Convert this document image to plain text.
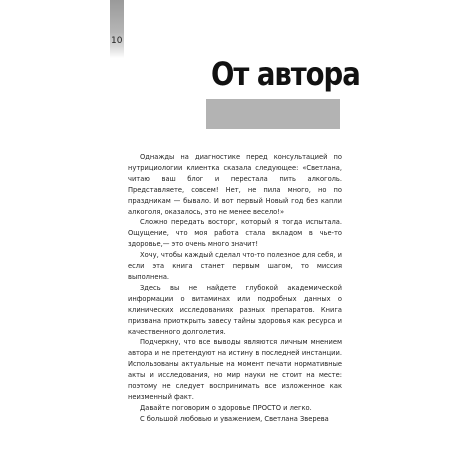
10
От автора

Однажды на диагностике перед консультацией по нутрициологии клиентка сказала следующее: «Светлана, читаю ваш блог и перестала пить алкоголь. Представляете, совсем! Нет, не пила много, но по праздникам — бывало. И вот первый Новый год без капли алкоголя, оказалось, это не менее весело!»

Сложно передать восторг, который я тогда испытала. Ощущение, что моя работа стала вкладом в чье-то здоровье,— это очень много значит!

Хочу, чтобы каждый сделал что-то полезное для себя, и если эта книга станет первым шагом, то миссия выполнена.

Здесь вы не найдете глубокой академической информации о витаминах или подробных данных о клинических исследованиях разных препаратов. Книга призвана приоткрыть завесу тайны здоровья как ресурса и качественного долголетия.

Подчеркну, что все выводы являются личным мнением автора и не претендуют на истину в последней инстанции. Использованы актуальные на момент печати нормативные акты и исследования, но мир науки не стоит на месте: поэтому не следует воспринимать все изложенное как неизменный факт.

Давайте поговорим о здоровье ПРОСТО и легко.

С большой любовью и уважением, Светлана Зверева
